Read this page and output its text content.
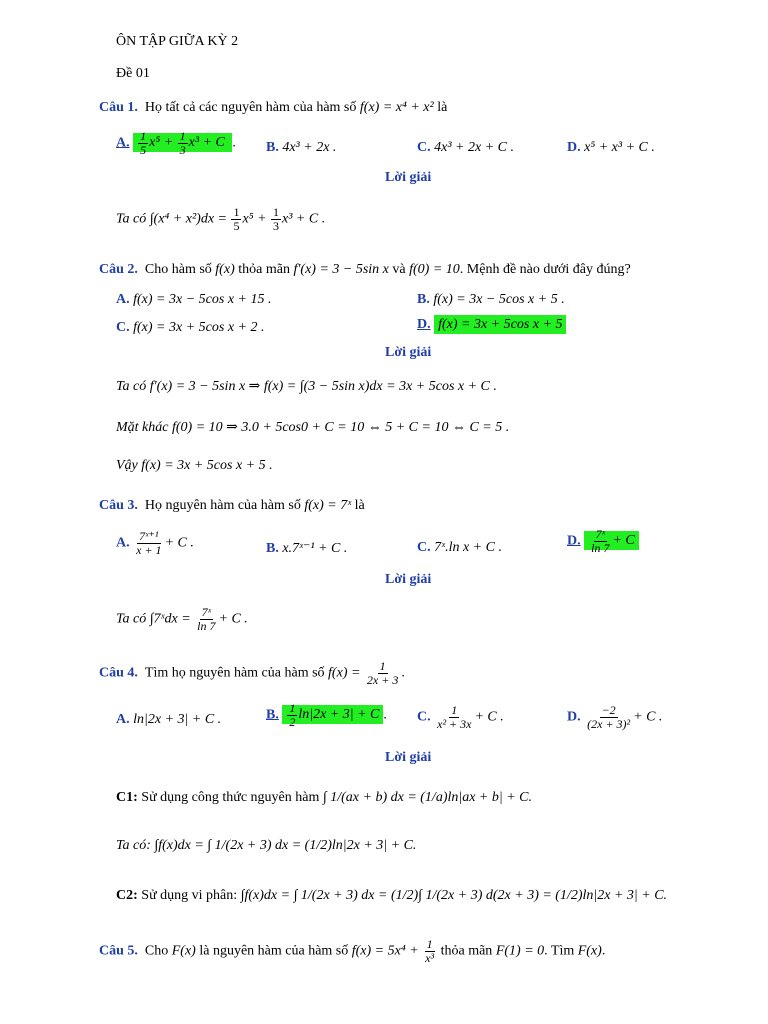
ÔN TẬP GIỮA KỲ 2
Đề 01
Câu 1. Họ tất cả các nguyên hàm của hàm số f(x) = x⁴ + x² là
A. $\frac{1}{5} x^5 + \frac{1}{3} x^3 + C$ . B. 4x³ + 2x .	C. 4x³ + 2x + C .	D. x⁵ + x³ + C .
Lời giải
Ta có $\int(x^4 + x^2)dx = \frac{1}{5} x^5 + \frac{1}{3} x^3 + C$ .
Câu 2. Cho hàm số f(x) thỏa mãn f′(x) = 3 − 5sin x và f(0) = 10. Mệnh đề nào dưới đây đúng?
A. f(x) = 3x − 5cos x + 15 .	B. f(x) = 3x − 5cos x + 5 .
C. f(x) = 3x + 5cos x + 2 .	D. f(x) = 3x + 5cos x + 5
Lời giải
Ta có f′(x) = 3 − 5sin x ⇒ f(x) = ∫(3 − 5sin x)dx = 3x + 5cos x + C .
Mặt khác f(0) = 10 ⇒ 3.0 + 5cos0 + C = 10 ⇔ 5 + C = 10 ⇔ C = 5 .
Vậy f(x) = 3x + 5cos x + 5 .
Câu 3. Họ nguyên hàm của hàm số f(x) = 7ˣ là
A. $\frac{\text{7ˣ⁺¹}}{x + 1} + C$ .	B. x.7ˣ⁻¹ + C .	C. 7ˣ.ln x + C .	D. $\frac{\text{7ˣ}}{\ln 7} + C$
Lời giải
Ta có ∫7ˣdx = $\frac{\text{7ˣ}}{\ln 7} + C$ .
Câu 4. Tìm họ nguyên hàm của hàm số $f(x) = \frac{1}{2x + 3}$ .
A. ln|2x + 3| + C .	B. $\frac{1}{2} \ln|2x + 3| + C$ . C. $\frac{1}{\text{x² + 3x}} + C$ .	D. $\frac{-2}{\text{(2x + 3)²}} + C$ .
Lời giải
C1: Sử dụng công thức nguyên hàm ∫ 1/(ax + b) dx = (1/a)ln|ax + b| + C.
Ta có: ∫f(x)dx = ∫ 1/(2x + 3) dx = (1/2)ln|2x + 3| + C.
C2: Sử dụng vi phân: ∫f(x)dx = ∫ 1/(2x + 3) dx = (1/2)∫ 1/(2x + 3) d(2x + 3) = (1/2)ln|2x + 3| + C.
Câu 5. Cho F(x) là nguyên hàm của hàm số $f(x) = 5x^4 + \frac{1}{\text{x³}}$ thỏa mãn F(1) = 0. Tìm F(x).
